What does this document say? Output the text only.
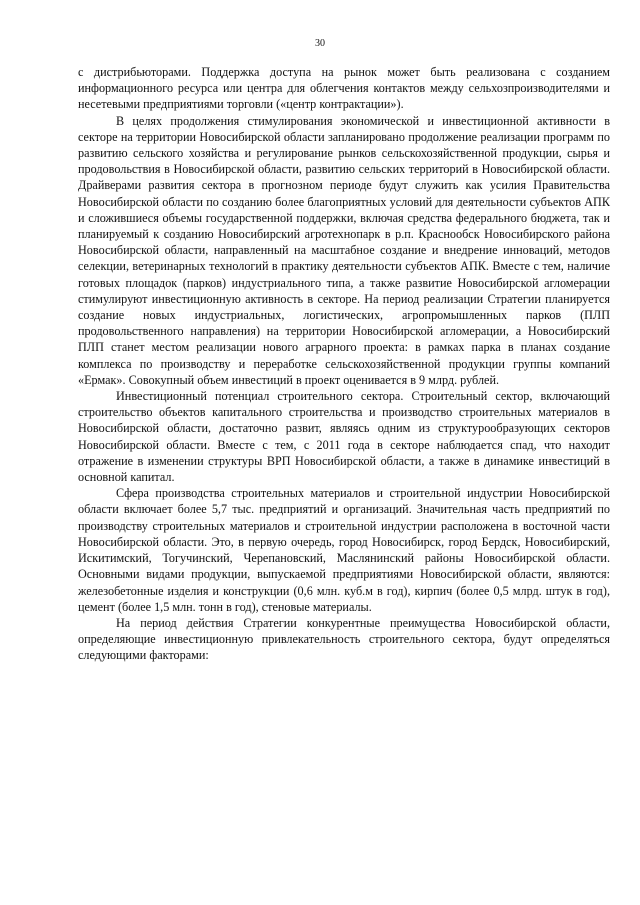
30

с дистрибьюторами. Поддержка доступа на рынок может быть реализована с созданием информационного ресурса или центра для облегчения контактов между сельхозпроизводителями и несетевыми предприятиями торговли («центр контрактации»).

В целях продолжения стимулирования экономической и инвестиционной активности в секторе на территории Новосибирской области запланировано продолжение реализации программ по развитию сельского хозяйства и регулирование рынков сельскохозяйственной продукции, сырья и продовольствия в Новосибирской области, развитию сельских территорий в Новосибирской области. Драйверами развития сектора в прогнозном периоде будут служить как усилия Правительства Новосибирской области по созданию более благоприятных условий для деятельности субъектов АПК и сложившиеся объемы государственной поддержки, включая средства федерального бюджета, так и планируемый к созданию Новосибирский агротехнопарк в р.п. Краснообск Новосибирского района Новосибирской области, направленный на масштабное создание и внедрение инноваций, методов селекции, ветеринарных технологий в практику деятельности субъектов АПК. Вместе с тем, наличие готовых площадок (парков) индустриального типа, а также развитие Новосибирской агломерации стимулируют инвестиционную активность в секторе. На период реализации Стратегии планируется создание новых индустриальных, логистических, агропромышленных парков (ПЛП продовольственного направления) на территории Новосибирской агломерации, а Новосибирский ПЛП станет местом реализации нового аграрного проекта: в рамках парка в планах создание комплекса по производству и переработке сельскохозяйственной продукции группы компаний «Ермак». Совокупный объем инвестиций в проект оценивается в 9 млрд. рублей.

Инвестиционный потенциал строительного сектора. Строительный сектор, включающий строительство объектов капитального строительства и производство строительных материалов в Новосибирской области, достаточно развит, являясь одним из структурообразующих секторов Новосибирской области. Вместе с тем, с 2011 года в секторе наблюдается спад, что находит отражение в изменении структуры ВРП Новосибирской области, а также в динамике инвестиций в основной капитал.

Сфера производства строительных материалов и строительной индустрии Новосибирской области включает более 5,7 тыс. предприятий и организаций. Значительная часть предприятий по производству строительных материалов и строительной индустрии расположена в восточной части Новосибирской области. Это, в первую очередь, город Новосибирск, город Бердск, Новосибирский, Искитимский, Тогучинский, Черепановский, Маслянинский районы Новосибирской области. Основными видами продукции, выпускаемой предприятиями Новосибирской области, являются: железобетонные изделия и конструкции (0,6 млн. куб.м в год), кирпич (более 0,5 млрд. штук в год), цемент (более 1,5 млн. тонн в год), стеновые материалы.

На период действия Стратегии конкурентные преимущества Новосибирской области, определяющие инвестиционную привлекательность строительного сектора, будут определяться следующими факторами:
